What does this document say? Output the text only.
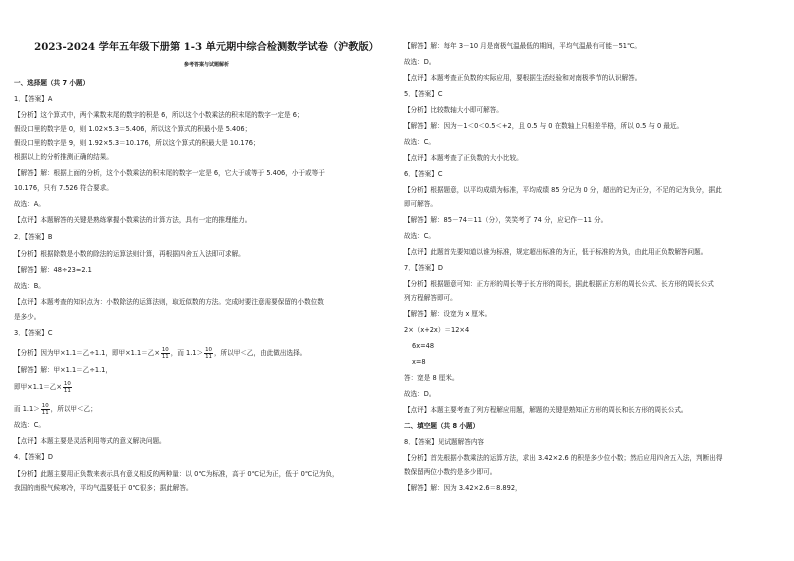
2023-2024 学年五年级下册第 1-3 单元期中综合检测数学试卷（沪教版）
参考答案与试题解析
一、选择题（共 7 小题）
1．【答案】A
【分析】这个算式中，两个乘数末尾的数字的积是 6，所以这个小数乘法的积末尾的数字一定是 6；
假设口里的数字是 0，则 1.02×5.3＝5.406，所以这个算式的积最小是 5.406；
假设口里的数字是 9，则 1.92×5.3＝10.176，所以这个算式的积最大是 10.176；
根据以上的分析推测正确的结果。
【解答】解：根据上面的分析，这个小数乘法的积末尾的数字一定是 6，它大于或等于 5.406，小于或等于
10.176，只有 7.526 符合要求。
故选：A。
【点评】本题解答的关键是熟练掌握小数乘法的计算方法，具有一定的推理能力。
2．【答案】B
【分析】根据除数是小数的除法的运算法则计算，再根据四舍五入法即可求解。
【解答】解：48÷23≈2.1
故选：B。
【点评】本题考查的知识点为：小数除法的运算法则，取近似数的方法。完成时要注意需要保留的小数位数
是多少。
3．【答案】C
【分析】因为甲×1.1＝乙÷1.1，即甲×1.1＝乙× $\frac{10}{11}$ ，而 $1.1> \frac{10}{11}$ ，所以甲＜乙，由此做出选择。
【解答】解：甲×1.1＝乙÷1.1，
即甲×1.1＝乙× $\frac{10}{11}$
而 $1.1> \frac{10}{11}$ ，所以甲＜乙；
故选：C。
【点评】本题主要是灵活利用等式的意义解决问题。
4．【答案】D
【分析】此题主要用正负数来表示具有意义相反的两种量：以 0℃为标准，高于 0℃记为正，低于 0℃记为负，
我国的南极气候寒冷，平均气温要低于 0℃很多；据此解答。
【解答】解：每年 3－10 月是南极气温最低的期间，平均气温最有可能－51℃。
故选：D。
【点评】本题考查正负数的实际应用，要根据生活经验和对南极季节的认识解答。
5．【答案】C
【分析】比较数轴大小即可解答。
【解答】解：因为－1＜0＜0.5＜+2，且 0.5 与 0 在数轴上只相差半格，所以 0.5 与 0 最近。
故选：C。
【点评】本题考查了正负数的大小比较。
6．【答案】C
【分析】根据题意，以平均成绩为标准，平均成绩 85 分记为 0 分，超出的记为正分，不足的记为负分，据此
即可解答。
【解答】解：85－74＝11（分），笑笑考了 74 分，应记作－11 分。
故选：C。
【点评】此题首先要知道以谁为标准，规定超出标准的为正，低于标准的为负，由此用正负数解答问题。
7．【答案】D
【分析】根据题意可知：正方形的周长等于长方形的周长，据此根据正方形的周长公式、长方形的周长公式
列方程解答即可。
【解答】解：设宽为 x 厘米。
2×（x+2x）＝12×4
6x=48
x=8
答：宽是 8 厘米。
故选：D。
【点评】本题主要考查了列方程解应用题，解题的关键是熟知正方形的周长和长方形的周长公式。
二、填空题（共 8 小题）
8．【答案】见试题解答内容
【分析】首先根据小数乘法的运算方法，求出 3.42×2.6 的积是多少位小数；然后应用四舍五入法，判断出得
数保留两位小数约是多少即可。
【解答】解：因为 3.42×2.6＝8.892，
